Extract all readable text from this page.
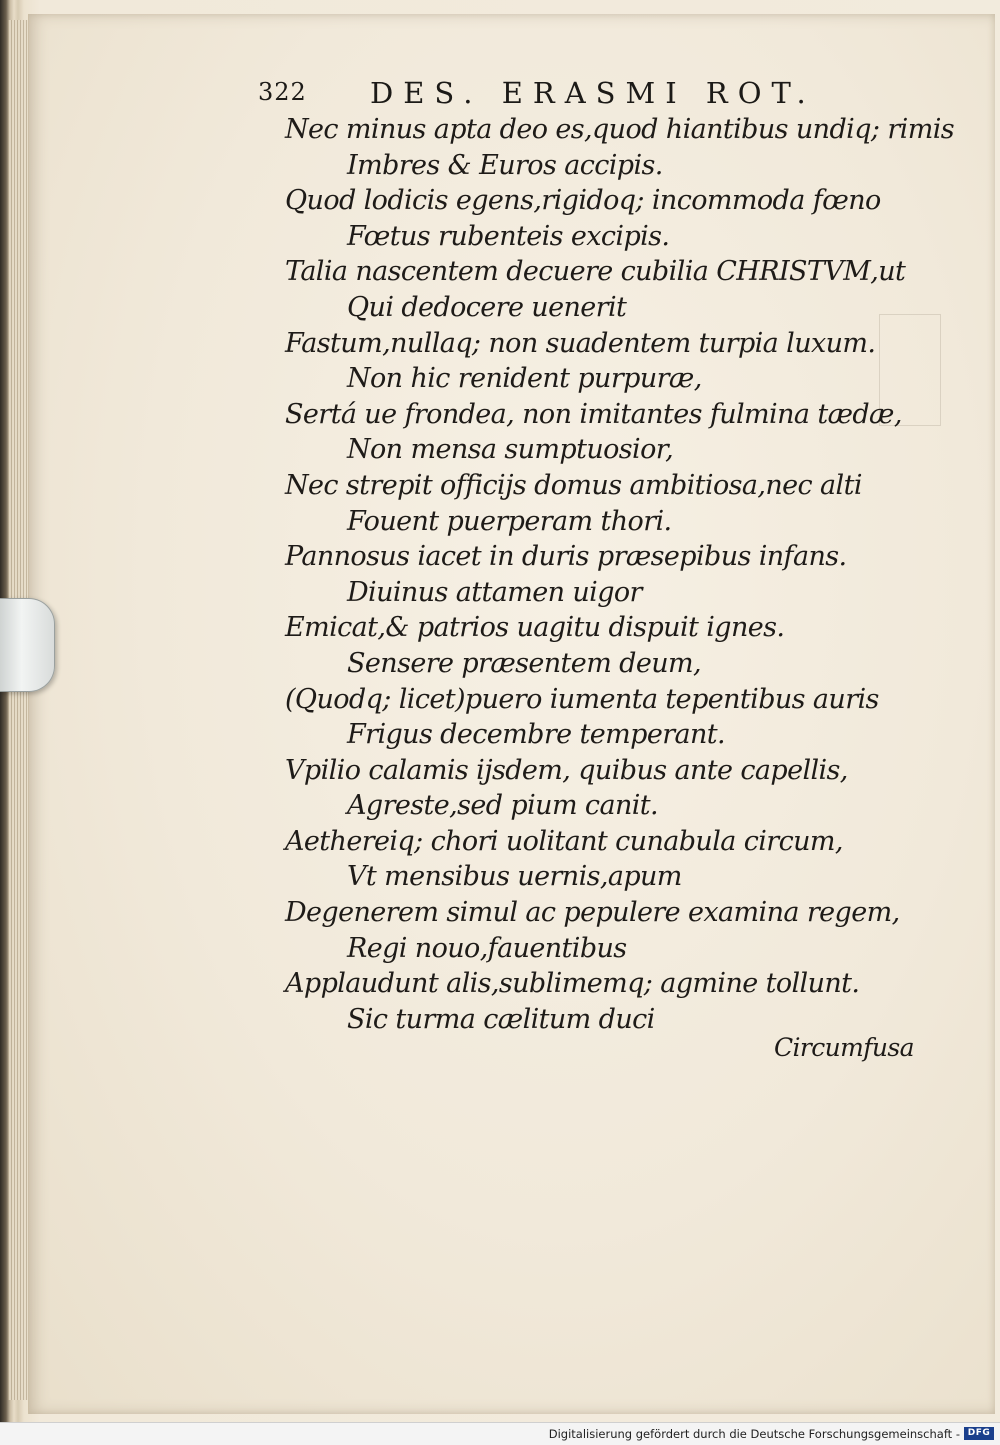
322 DES. ERASMI ROT.
Nec minus apta deo es,quod hiantibus undiq; rimis
Imbres & Euros accipis.
Quod lodicis egens,rigidoq; incommoda fœno
Fœtus rubenteis excipis.
Talia nascentem decuere cubilia CHRISTVM,ut
Qui dedocere uenerit
Fastum,nullaq; non suadentem turpia luxum.
Non hic renident purpuræ,
Sertá ue frondea, non imitantes fulmina tædæ,
Non mensa sumptuosior,
Nec strepit officijs domus ambitiosa,nec alti
Fouent puerperam thori.
Pannosus iacet in duris præsepibus infans.
Diuinus attamen uigor
Emicat,& patrios uagitu dispuit ignes.
Sensere præsentem deum,
(Quodq; licet)puero iumenta tepentibus auris
Frigus decembre temperant.
Vpilio calamis ijsdem, quibus ante capellis,
Agreste,sed pium canit.
Aethereiq; chori uolitant cunabula circum,
Vt mensibus uernis,apum
Degenerem simul ac pepulere examina regem,
Regi nouo,fauentibus
Applaudunt alis,sublimemq; agmine tollunt.
Sic turma cælitum duci
Circumfusa
Digitalisierung gefördert durch die Deutsche Forschungsgemeinschaft - DFG
